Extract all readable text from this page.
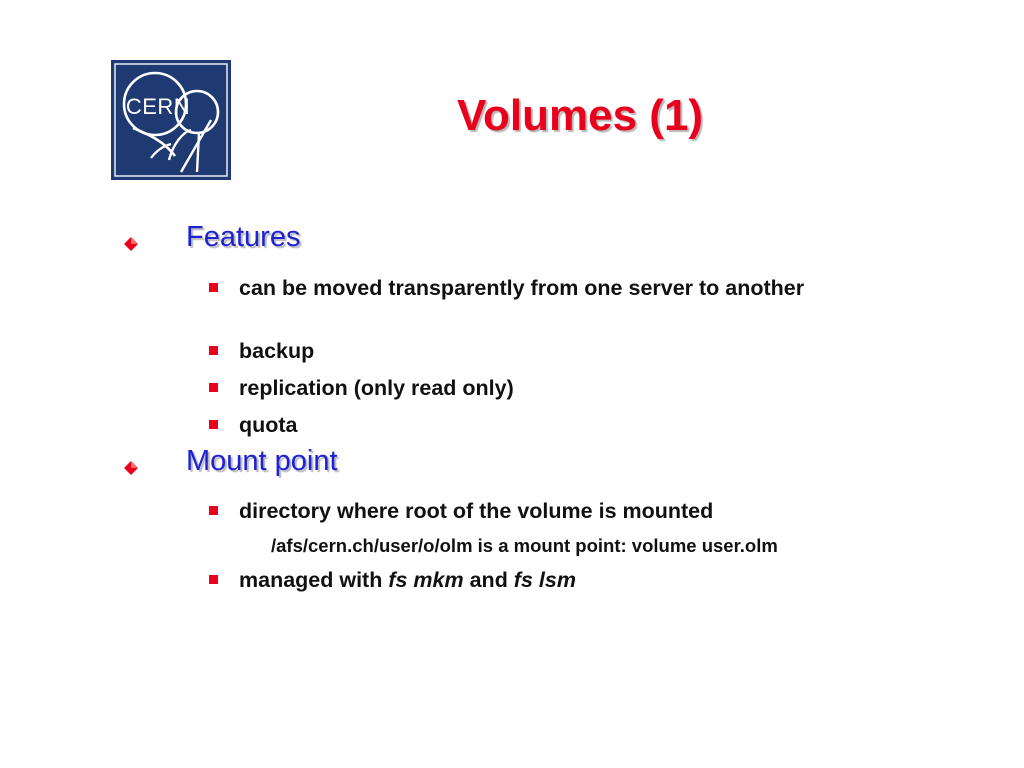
CERN	Volumes (1)
Features
can be moved transparently from one server to another
backup
replication (only read only)
quota
Mount point
directory where root of the volume is mounted
/afs/cern.ch/user/o/olm is a mount point: volume user.olm
managed with fs mkm and fs lsm
